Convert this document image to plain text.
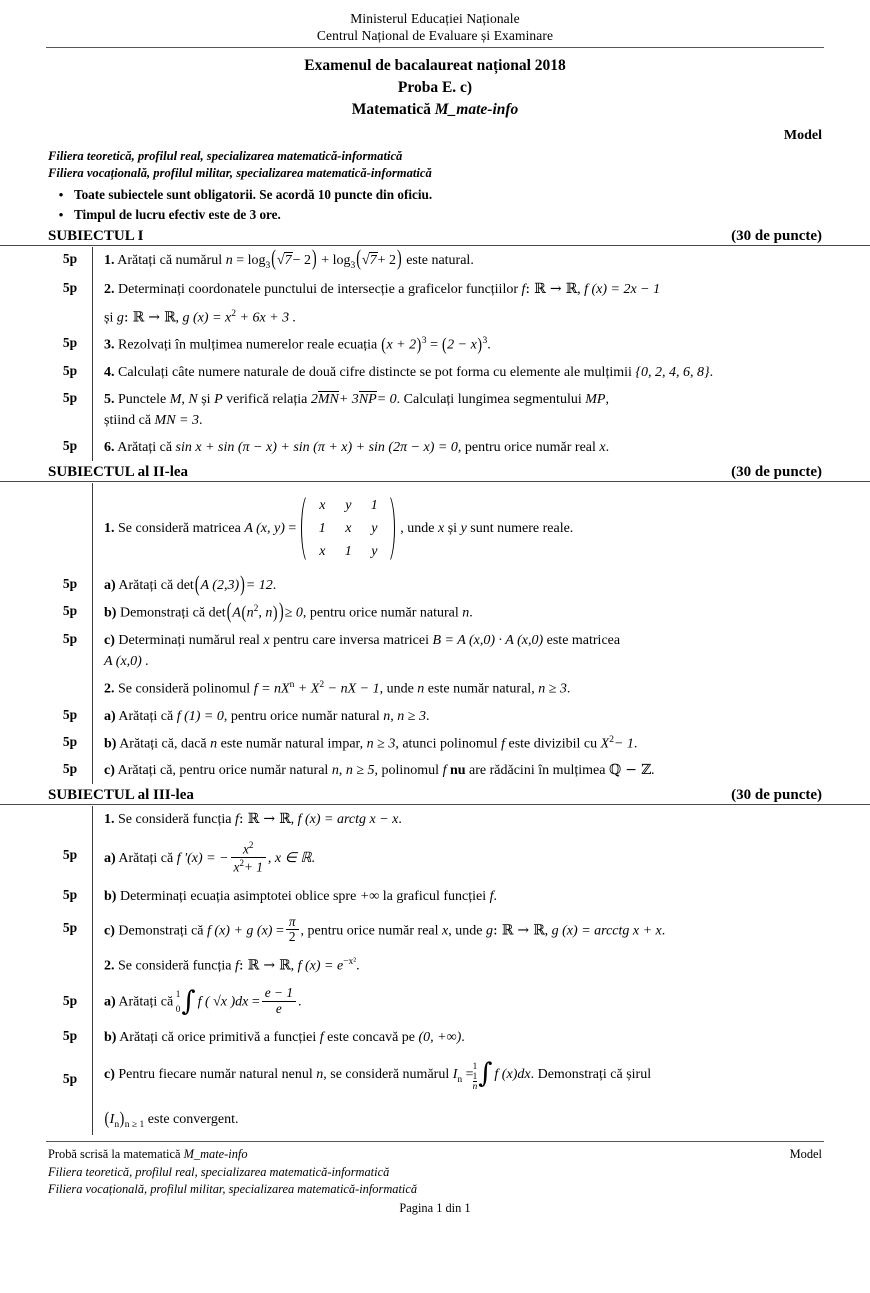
Ministerul Educației Naționale
Centrul Național de Evaluare și Examinare
Examenul de bacalaureat național 2018
Proba E. c)
Matematică M_mate-info
Model
Filiera teoretică, profilul real, specializarea matematică-informatică
Filiera vocațională, profilul militar, specializarea matematică-informatică
• Toate subiectele sunt obligatorii. Se acordă 10 puncte din oficiu.
• Timpul de lucru efectiv este de 3 ore.
SUBIECTUL I	(30 de puncte)
5p	1. Arătați că numărul $n = \log_3(√7- 2) + \log_3(√7+ 2)$ este natural.
5p	2. Determinați coordonatele punctului de intersecție a graficelor funcțiilor f: ℝ → ℝ, f (x) = 2x − 1
și g: ℝ → ℝ, g $(x) = x^2 + 6x + 3$ .
5p	3. Rezolvați în mulțimea numerelor reale ecuația $(x + 2)^3 = (2 - x)^3$.
5p	4. Calculați câte numere naturale de două cifre distincte se pot forma cu elemente ale mulțimii {0, 2, 4, 6, 8}.
5p	5. Punctele M, N și P verifică relația 2MN+ 3NP= 0. Calculați lungimea segmentului MP,
știind că MN = 3.
5p	6. Arătați că sin x + sin (π − x) + sin (π + x) + sin (2π − x) = 0, pentru orice număr real x.
SUBIECTUL al II-lea	(30 de puncte)
1. Se consideră matricea A (x, y) =
x	y	1
1	x	y
x	1	y
, unde x și y sunt numere reale.
5p	a) Arătați că det(A (2,3))= 12.
5p	b) Demonstrați că $\det(A(n^2$, n) )≥ 0, pentru orice număr natural n.
5p	c) Determinați numărul real x pentru care inversa matricei B = A (x,0) · A (x,0) este matricea
A (x,0) .
2. Se consideră polinomul $f = nX^n + X^2$ − nX − 1, unde n este număr natural, n ≥ 3.
5p	a) Arătați că f (1) = 0, pentru orice număr natural n, n ≥ 3.
5p	b) Arătați că, dacă n este număr natural impar, n ≥ 3, atunci polinomul f este divizibil cu $X^2- 1$.
5p	c) Arătați că, pentru orice număr natural n, n ≥ 5, polinomul f nu are rădăcini în mulțimea ℚ − ℤ.
SUBIECTUL al III-lea	(30 de puncte)
1. Se consideră funcția f: ℝ → ℝ, f (x) = arctg x − x.
5p	a) Arătați că f '(x) = − $\frac{x^2}{x^2+ 1}$ , x ∈ ℝ.
5p	b) Determinați ecuația asimptotei oblice spre +∞ la graficul funcției f.
5p	c) Demonstrați că f (x) + g $(x) = \frac{\pi}{2}$ , pentru orice număr real x, unde g: ℝ → ℝ, g (x) = arcctg x + x.
2. Se consideră funcția f: ℝ → ℝ, f $(x) = e^{-x^2}$.
5p	a) Arătați că
1
0 ∫ f ( √x )$dx = \frac{e - 1}{e}$ .
5p	b) Arătați că orice primitivă a funcției f este concavă pe (0, +∞).
5p	c) Pentru fiecare număr natural nenul n, se consideră numărul $I_n$ =
1
$\frac{1}{n}$ ∫ f (x)dx. Demonstrați că șirul
$(I_n)_{n \ge 1}$ este convergent.
Probă scrisă la matematică M_mate-info	Model
Filiera teoretică, profilul real, specializarea matematică-informatică
Filiera vocațională, profilul militar, specializarea matematică-informatică
Pagina 1 din 1
